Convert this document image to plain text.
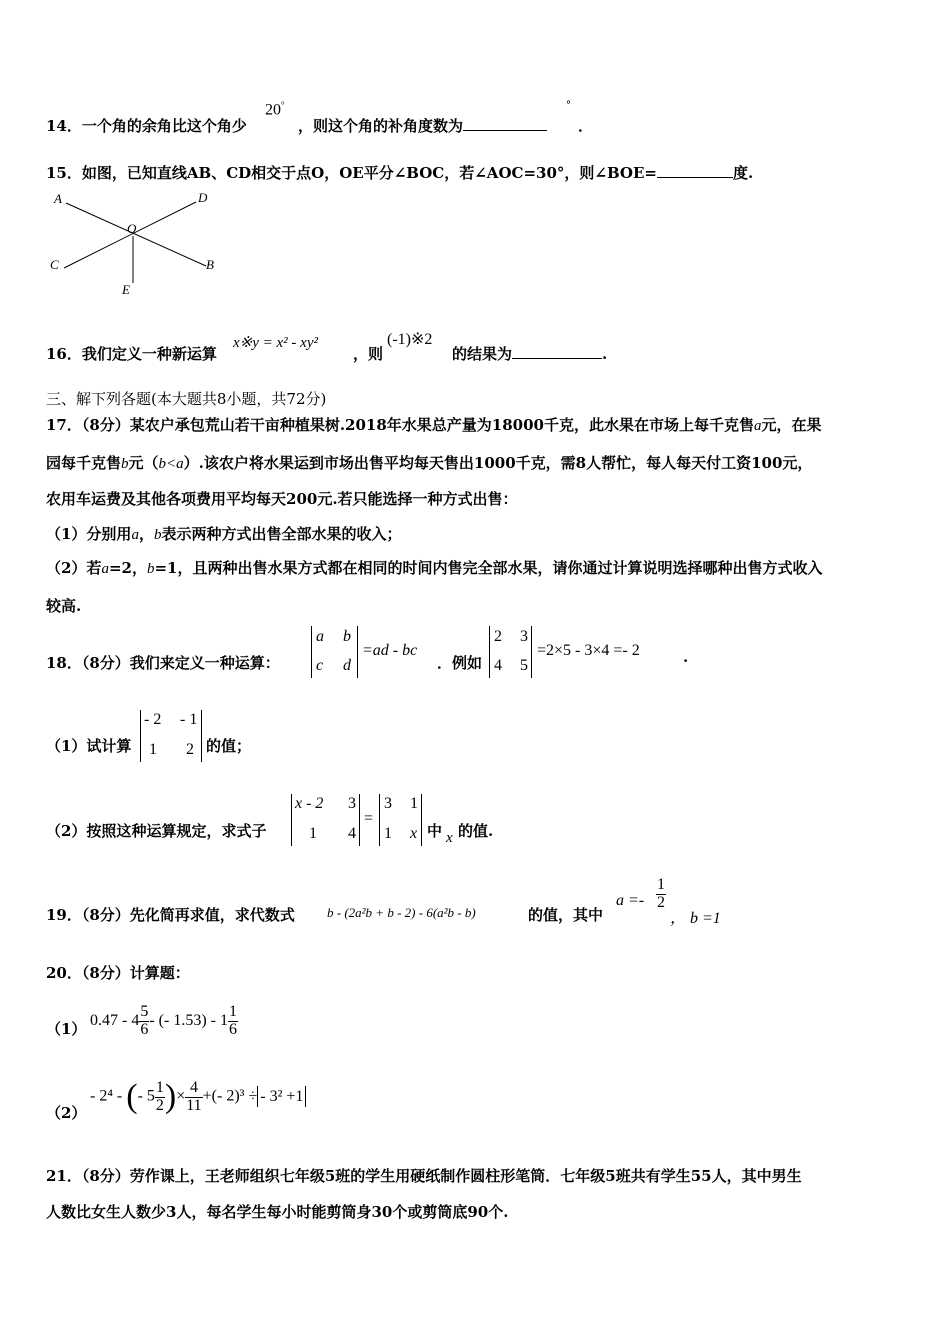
14．一个角的余角比这个角少
20°
，则这个角的补角度数为
°
．
15．如图，已知直线AB、CD相交于点O，OE平分∠BOC，若∠AOC=30°，则∠BOE=	度.
A	D
O
C	B
E
16．我们定义一种新运算
x※y = x² - xy²
，则
(-1)※2
的结果为	.
三、解下列各题(本大题共8小题，共72分)
17．（8分）某农户承包荒山若干亩种植果树.2018年水果总产量为18000千克，此水果在市场上每千克售a元，在果
园每千克售b元（b<a）.该农户将水果运到市场出售平均每天售出1000千克，需8人帮忙，每人每天付工资100元，
农用车运费及其他各项费用平均每天200元.若只能选择一种方式出售：
（1）分别用a，b表示两种方式出售全部水果的收入；
（2）若a=2，b=1，且两种出售水果方式都在相同的时间内售完全部水果，请你通过计算说明选择哪种出售方式收入
较高.
18．（8分）我们来定义一种运算：
a b
c d
=ad - bc
．例如
2 3
4 5
=2×5 - 3×4 =- 2	.
（1）试计算
- 2 - 1
1 2 的值；
（2）按照这种运算规定，求式子
x - 2 3
1 4
=
3 1
1 x 中 x 的值.
19．（8分）先化简再求值，求代数式 b - (2a²b + b - 2) - 6(a²b - b)	的值，其中
$a =- \frac{1}{2}$
， b =1
20．（8分）计算题：
（1） $0.47 - 4 \frac{5}{6}$ - (- $1.53) - 1 \frac{1}{6}$
（2）
- 2⁴ - (- $5 \frac{1}{2}$ )× $\frac{4}{11}$ +(- 2)³ ÷ - 3² +1
21．（8分）劳作课上，王老师组织七年级5班的学生用硬纸制作圆柱形笔筒．七年级5班共有学生55人，其中男生
人数比女生人数少3人，每名学生每小时能剪筒身30个或剪筒底90个.
